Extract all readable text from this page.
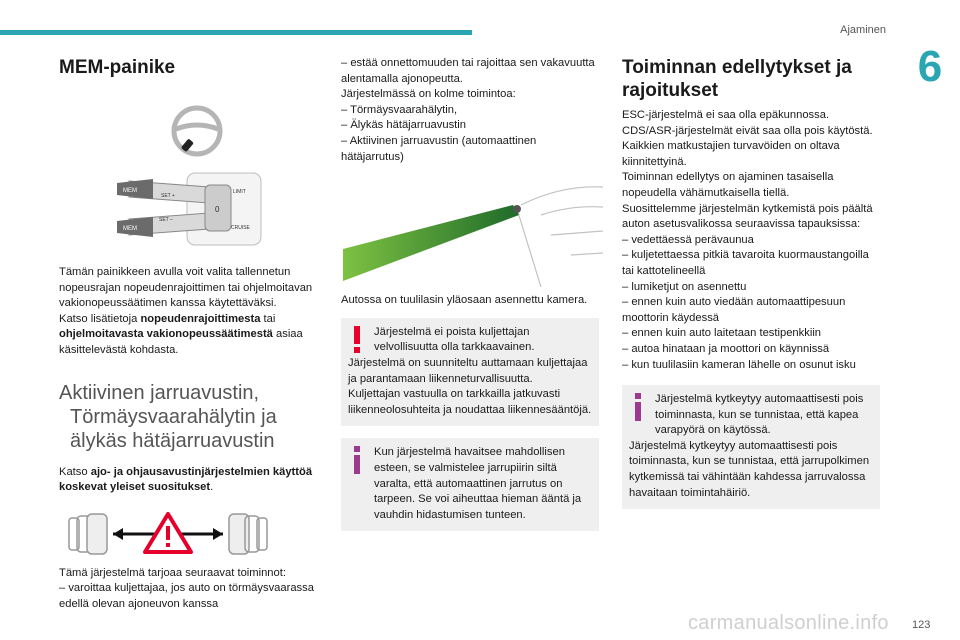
Ajaminen
6
MEM-painike
MEM
SET +
SET –
LIMIT
CRUISE
0
MEM

Tämän painikkeen avulla voit valita tallennetun nopeusrajan nopeudenrajoittimen tai ohjelmoitavan vakionopeussäätimen kanssa käytettäväksi.

Katso lisätietoja nopeudenrajoittimesta tai ohjelmoitavasta vakionopeussäätimestä asiaa käsittelevästä kohdasta.

Aktiivinen jarruavustin,
Törmäysvaarahälytin ja
älykäs hätäjarruavustin

Katso ajo- ja ohjausavustinjärjestelmien käyttöä koskevat yleiset suositukset.

Tämä järjestelmä tarjoaa seuraavat toiminnot:

– varoittaa kuljettajaa, jos auto on törmäysvaarassa edellä olevan ajoneuvon kanssa

– estää onnettomuuden tai rajoittaa sen vakavuutta alentamalla ajonopeutta.

Järjestelmässä on kolme toimintoa:

– Törmäysvaarahälytin,

– Älykäs hätäjarruavustin

– Aktiivinen jarruavustin (automaattinen hätäjarrutus)

Autossa on tuulilasin yläosaan asennettu kamera.

Järjestelmä ei poista kuljettajan velvollisuutta olla tarkkaavainen.

Järjestelmä on suunniteltu auttamaan kuljettajaa ja parantamaan liikenneturvallisuutta.

Kuljettajan vastuulla on tarkkailla jatkuvasti liikenneolosuhteita ja noudattaa liikennesääntöjä.

Kun järjestelmä havaitsee mahdollisen esteen, se valmistelee jarrupiirin siltä varalta, että automaattinen jarrutus on tarpeen. Se voi aiheuttaa hieman ääntä ja vauhdin hidastumisen tunteen.
Toiminnan edellytykset ja rajoitukset

ESC-järjestelmä ei saa olla epäkunnossa.

CDS/ASR-järjestelmät eivät saa olla pois käytöstä.

Kaikkien matkustajien turvavöiden on oltava kiinnitettyinä.

Toiminnan edellytys on ajaminen tasaisella nopeudella vähämutkaisella tiellä.

Suosittelemme järjestelmän kytkemistä pois päältä auton asetusvalikossa seuraavissa tapauksissa:

– vedettäessä perävaunua

– kuljetettaessa pitkiä tavaroita kuormaustangoilla tai kattotelineellä

– lumiketjut on asennettu

– ennen kuin auto viedään automaattipesuun moottorin käydessä

– ennen kuin auto laitetaan testipenkkiin

– autoa hinataan ja moottori on käynnissä

– kun tuulilasiin kameran lähelle on osunut isku

Järjestelmä kytkeytyy automaattisesti pois toiminnasta, kun se tunnistaa, että kapea varapyörä on käytössä.

Järjestelmä kytkeytyy automaattisesti pois toiminnasta, kun se tunnistaa, että jarrupolkimen kytkemissä tai vähintään kahdessa jarruvalossa havaitaan toimintahäiriö.

carmanualsonline.info 123
